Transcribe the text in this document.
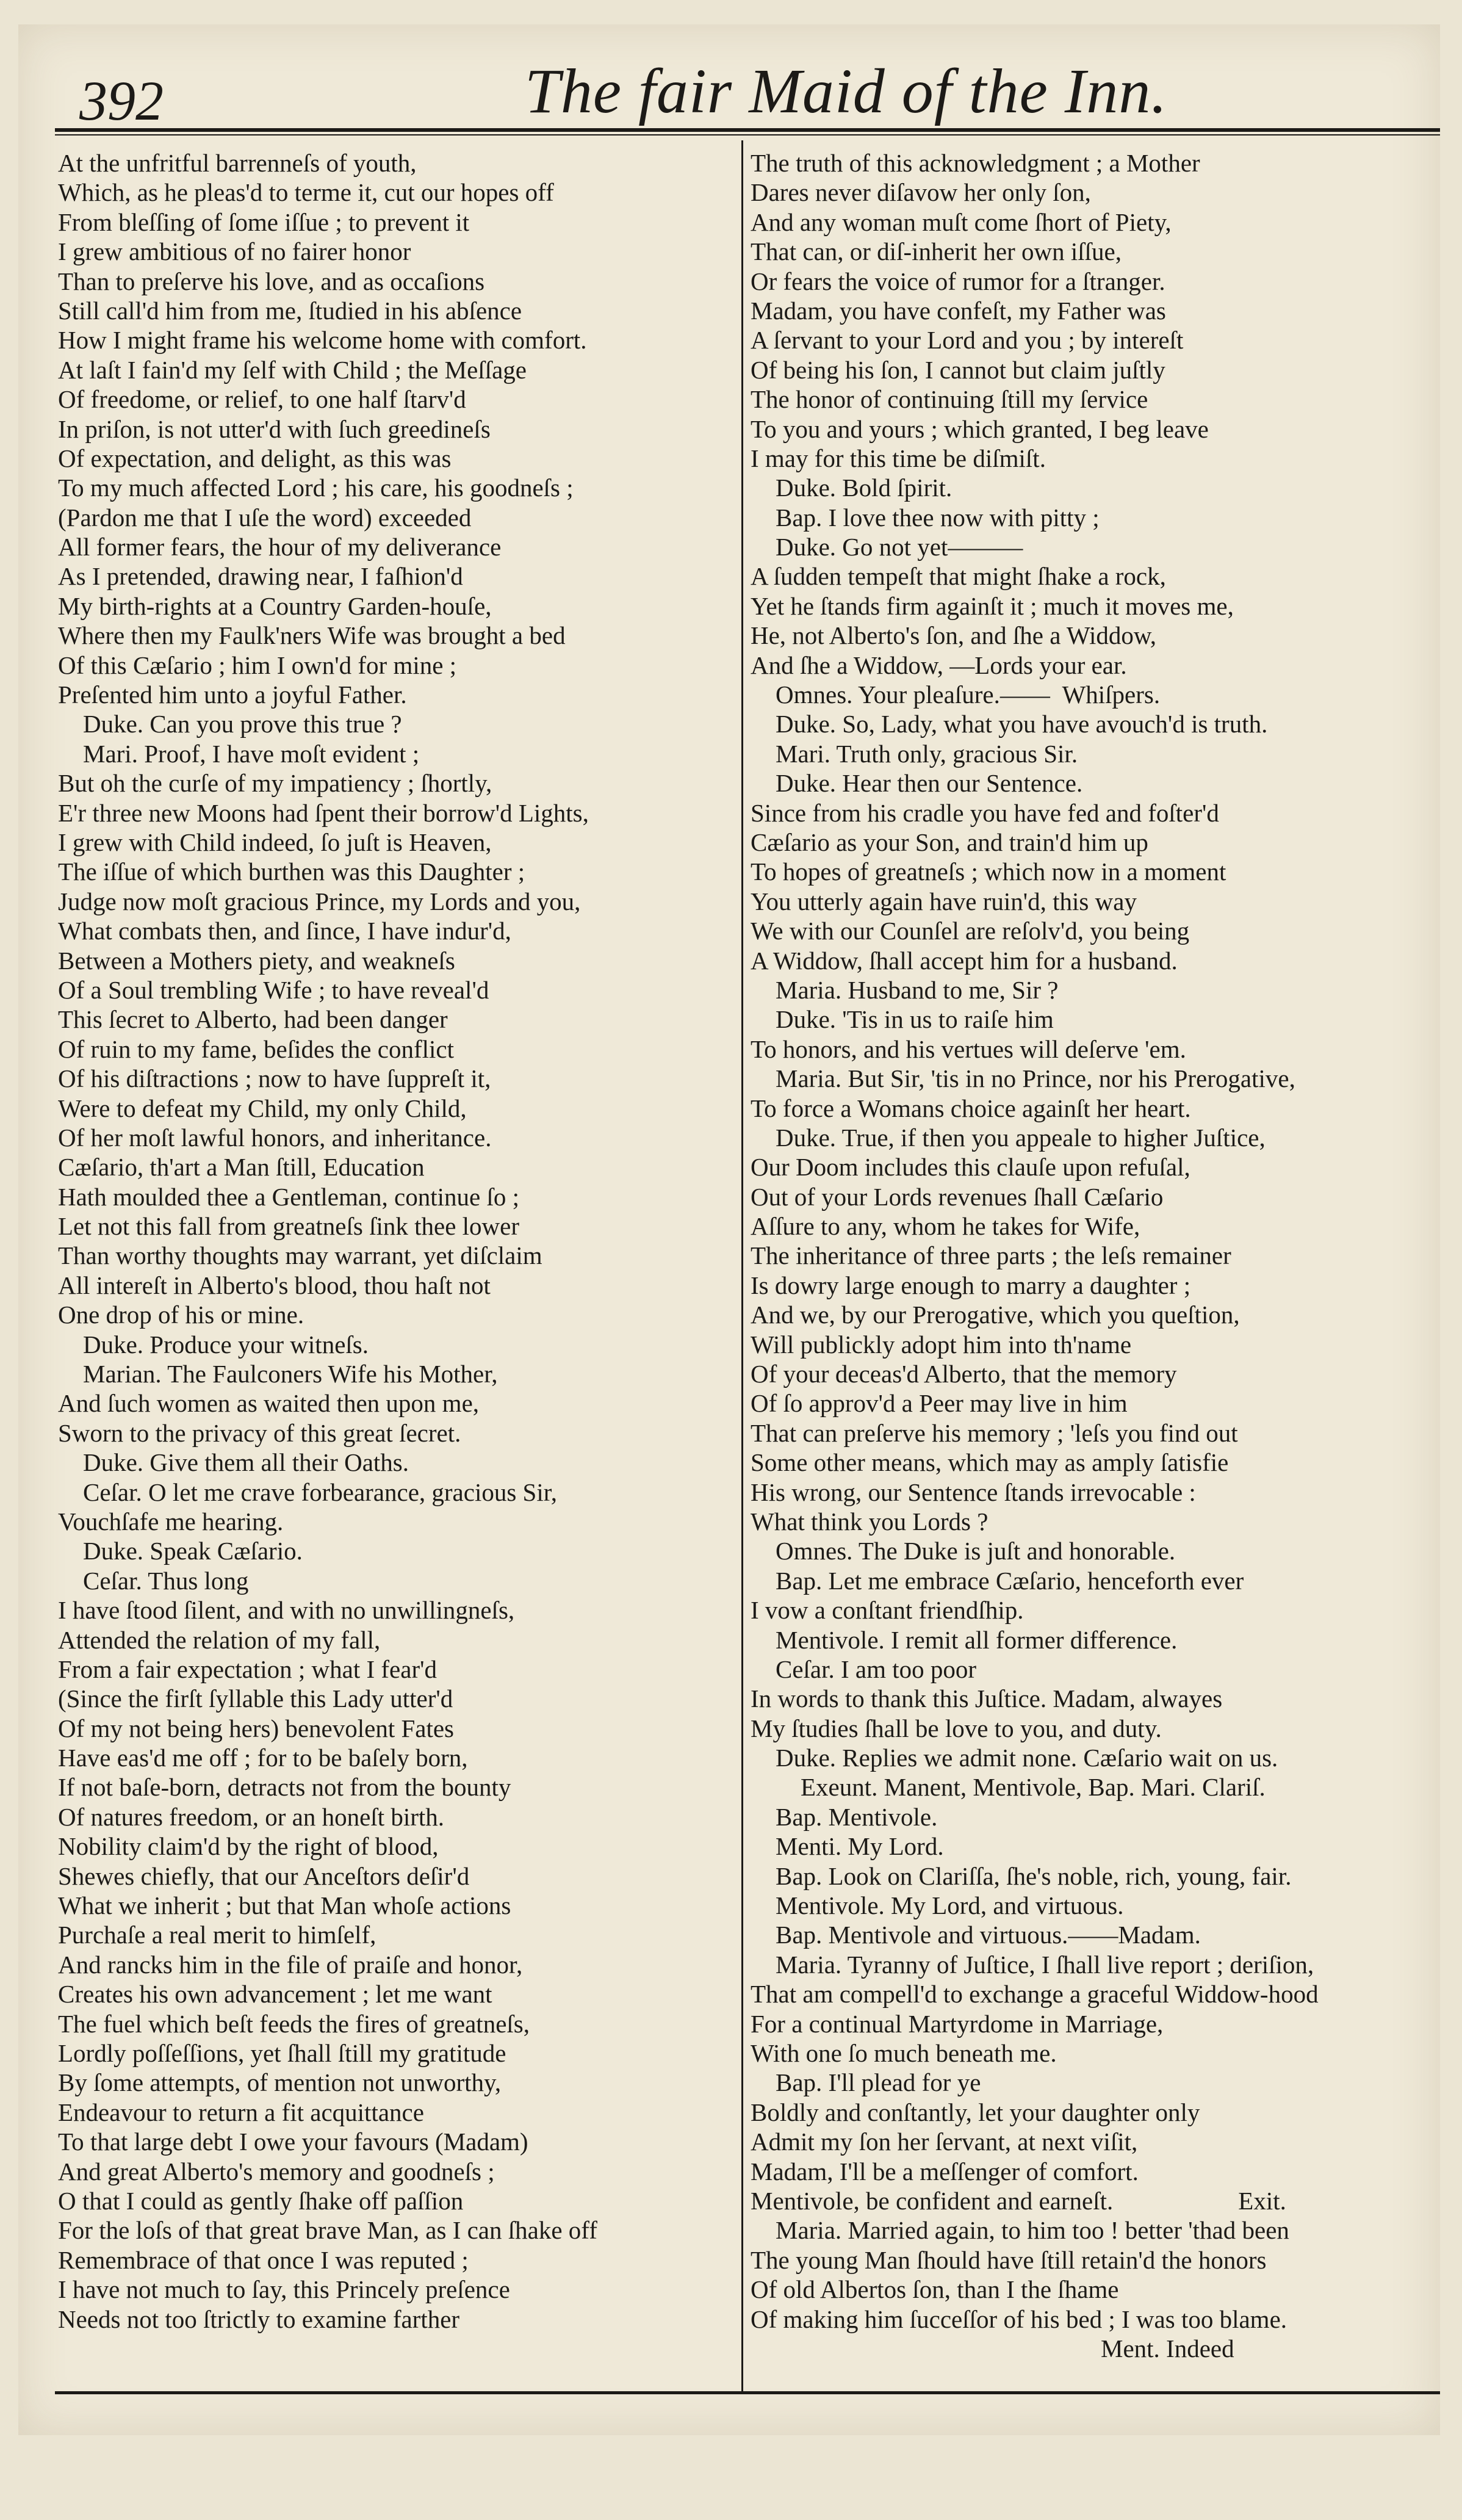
392	The fair Maid of the Inn.
At the unfritful barrenneſs of youth,
Which, as he pleas'd to terme it, cut our hopes off
From bleſſing of ſome iſſue ; to prevent it
I grew ambitious of no fairer honor
Than to preſerve his love, and as occaſions
Still call'd him from me, ſtudied in his abſence
How I might frame his welcome home with comfort.
At laſt I fain'd my ſelf with Child ; the Meſſage
Of freedome, or relief, to one half ſtarv'd
In priſon, is not utter'd with ſuch greedineſs
Of expectation, and delight, as this was
To my much affected Lord ; his care, his goodneſs ;
(Pardon me that I uſe the word) exceeded
All former fears, the hour of my deliverance
As I pretended, drawing near, I faſhion'd
My birth-rights at a Country Garden-houſe,
Where then my Faulk'ners Wife was brought a bed
Of this Cæſario ; him I own'd for mine ;
Preſented him unto a joyful Father.
Duke. Can you prove this true ?
Mari. Proof, I have moſt evident ;
But oh the curſe of my impatiency ; ſhortly,
E'r three new Moons had ſpent their borrow'd Lights,
I grew with Child indeed, ſo juſt is Heaven,
The iſſue of which burthen was this Daughter ;
Judge now moſt gracious Prince, my Lords and you,
What combats then, and ſince, I have indur'd,
Between a Mothers piety, and weakneſs
Of a Soul trembling Wife ; to have reveal'd
This ſecret to Alberto, had been danger
Of ruin to my fame, beſides the conflict
Of his diſtractions ; now to have ſuppreſt it,
Were to defeat my Child, my only Child,
Of her moſt lawful honors, and inheritance.
Cæſario, th'art a Man ſtill, Education
Hath moulded thee a Gentleman, continue ſo ;
Let not this fall from greatneſs ſink thee lower
Than worthy thoughts may warrant, yet diſclaim
All intereſt in Alberto's blood, thou haſt not
One drop of his or mine.
Duke. Produce your witneſs.
Marian. The Faulconers Wife his Mother,
And ſuch women as waited then upon me,
Sworn to the privacy of this great ſecret.
Duke. Give them all their Oaths.
Ceſar. O let me crave forbearance, gracious Sir,
Vouchſafe me hearing.
Duke. Speak Cæſario.
Ceſar. Thus long
I have ſtood ſilent, and with no unwillingneſs,
Attended the relation of my fall,
From a fair expectation ; what I fear'd
(Since the firſt ſyllable this Lady utter'd
Of my not being hers) benevolent Fates
Have eas'd me off ; for to be baſely born,
If not baſe-born, detracts not from the bounty
Of natures freedom, or an honeſt birth.
Nobility claim'd by the right of blood,
Shewes chiefly, that our Anceſtors deſir'd
What we inherit ; but that Man whoſe actions
Purchaſe a real merit to himſelf,
And rancks him in the file of praiſe and honor,
Creates his own advancement ; let me want
The fuel which beſt feeds the fires of greatneſs,
Lordly poſſeſſions, yet ſhall ſtill my gratitude
By ſome attempts, of mention not unworthy,
Endeavour to return a fit acquittance
To that large debt I owe your favours (Madam)
And great Alberto's memory and goodneſs ;
O that I could as gently ſhake off paſſion
For the loſs of that great brave Man, as I can ſhake off
Remembrace of that once I was reputed ;
I have not much to ſay, this Princely preſence
Needs not too ſtrictly to examine farther
The truth of this acknowledgment ; a Mother
Dares never diſavow her only ſon,
And any woman muſt come ſhort of Piety,
That can, or diſ-inherit her own iſſue,
Or fears the voice of rumor for a ſtranger.
Madam, you have confeſt, my Father was
A ſervant to your Lord and you ; by intereſt
Of being his ſon, I cannot but claim juſtly
The honor of continuing ſtill my ſervice
To you and yours ; which granted, I beg leave
I may for this time be diſmiſt.
Duke. Bold ſpirit.
Bap. I love thee now with pitty ;
Duke. Go not yet———
A ſudden tempeſt that might ſhake a rock,
Yet he ſtands firm againſt it ; much it moves me,
He, not Alberto's ſon, and ſhe a Widdow,
And ſhe a Widdow, —Lords your ear.
Omnes. Your pleaſure.——  Whiſpers.
Duke. So, Lady, what you have avouch'd is truth.
Mari. Truth only, gracious Sir.
Duke. Hear then our Sentence.
Since from his cradle you have fed and foſter'd
Cæſario as your Son, and train'd him up
To hopes of greatneſs ; which now in a moment
You utterly again have ruin'd, this way
We with our Counſel are reſolv'd, you being
A Widdow, ſhall accept him for a husband.
Maria. Husband to me, Sir ?
Duke. 'Tis in us to raiſe him
To honors, and his vertues will deſerve 'em.
Maria. But Sir, 'tis in no Prince, nor his Prerogative,
To force a Womans choice againſt her heart.
Duke. True, if then you appeale to higher Juſtice,
Our Doom includes this clauſe upon refuſal,
Out of your Lords revenues ſhall Cæſario
Aſſure to any, whom he takes for Wife,
The inheritance of three parts ; the leſs remainer
Is dowry large enough to marry a daughter ;
And we, by our Prerogative, which you queſtion,
Will publickly adopt him into th'name
Of your deceas'd Alberto, that the memory
Of ſo approv'd a Peer may live in him
That can preſerve his memory ; 'leſs you find out
Some other means, which may as amply ſatisfie
His wrong, our Sentence ſtands irrevocable :
What think you Lords ?
Omnes. The Duke is juſt and honorable.
Bap. Let me embrace Cæſario, henceforth ever
I vow a conſtant friendſhip.
Mentivole. I remit all former difference.
Ceſar. I am too poor
In words to thank this Juſtice. Madam, alwayes
My ſtudies ſhall be love to you, and duty.
Duke. Replies we admit none. Cæſario wait on us.
Exeunt. Manent, Mentivole, Bap. Mari. Clariſ.
Bap. Mentivole.
Menti. My Lord.
Bap. Look on Clariſſa, ſhe's noble, rich, young, fair.
Mentivole. My Lord, and virtuous.
Bap. Mentivole and virtuous.——Madam.
Maria. Tyranny of Juſtice, I ſhall live report ; deriſion,
That am compell'd to exchange a graceful Widdow-hood
For a continual Martyrdome in Marriage,
With one ſo much beneath me.
Bap. I'll plead for ye
Boldly and conſtantly, let your daughter only
Admit my ſon her ſervant, at next viſit,
Madam, I'll be a meſſenger of comfort.
Mentivole, be confident and earneſt.                    Exit.
Maria. Married again, to him too ! better 'thad been
The young Man ſhould have ſtill retain'd the honors
Of old Albertos ſon, than I the ſhame
Of making him ſucceſſor of his bed ; I was too blame.
Ment. Indeed
